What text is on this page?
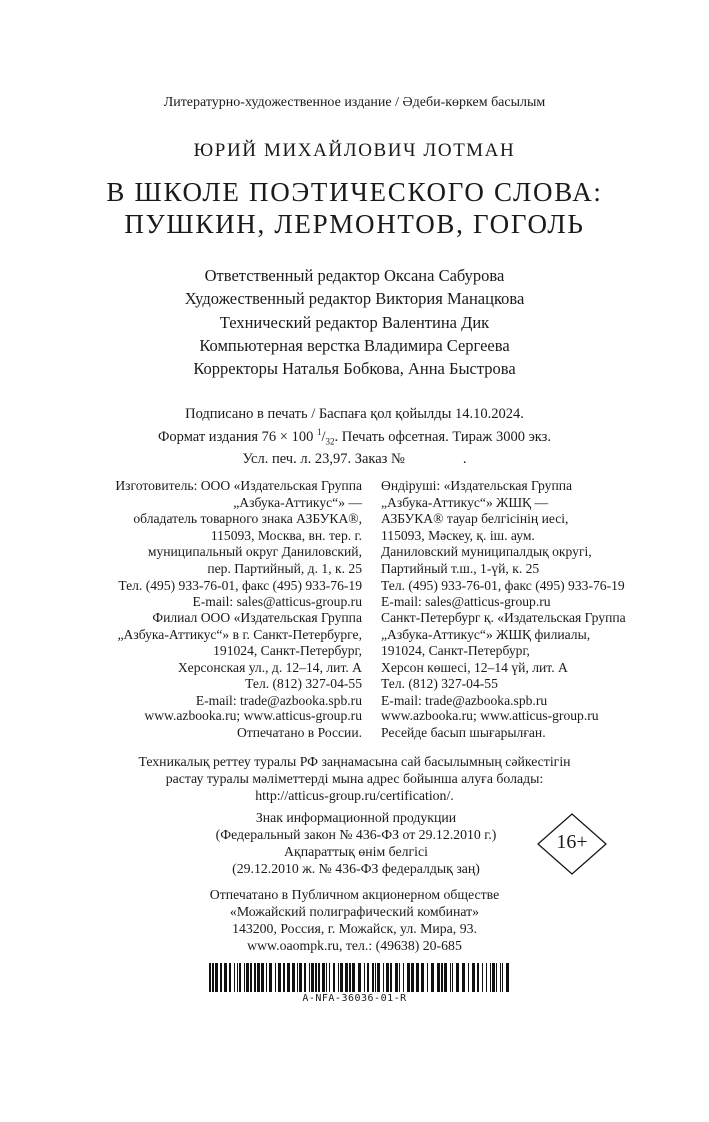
Литературно-художественное издание / Әдеби-көркем басылым
ЮРИЙ МИХАЙЛОВИЧ ЛОТМАН
В ШКОЛЕ ПОЭТИЧЕСКОГО СЛОВА:
ПУШКИН, ЛЕРМОНТОВ, ГОГОЛЬ
Ответственный редактор Оксана Сабурова
Художественный редактор Виктория Манацкова
Технический редактор Валентина Дик
Компьютерная верстка Владимира Сергеева
Корректоры Наталья Бобкова, Анна Быстрова
Подписано в печать / Баспаға қол қойылды 14.10.2024.
Формат издания 76 × 100 $^1/_{32}$. Печать офсетная. Тираж 3000 экз.
Усл. печ. л. 23,97. Заказ №	.
Изготовитель: ООО «Издательская Группа
„Азбука-Аттикус“» —
обладатель товарного знака АЗБУКА®,
115093, Москва, вн. тер. г.
муниципальный округ Даниловский,
пер. Партийный, д. 1, к. 25
Тел. (495) 933-76-01, факс (495) 933-76-19
E-mail: sales@atticus-group.ru
Өндіруші: «Издательская Группа
„Азбука-Аттикус“» ЖШҚ —
АЗБУКА® тауар белгісінің иесі,
115093, Мәскеу, қ. іш. аум.
Даниловский муниципалдық округі,
Партийный т.ш., 1-үй, к. 25
Тел. (495) 933-76-01, факс (495) 933-76-19
E-mail: sales@atticus-group.ru
Филиал ООО «Издательская Группа
„Азбука-Аттикус“» в г. Санкт-Петербурге,
191024, Санкт-Петербург,
Херсонская ул., д. 12–14, лит. А
Тел. (812) 327-04-55
E-mail: trade@azbooka.spb.ru
Санкт-Петербург қ. «Издательская Группа
„Азбука-Аттикус“» ЖШҚ филиалы,
191024, Санкт-Петербург,
Херсон көшесі, 12–14 үй, лит. А
Тел. (812) 327-04-55
E-mail: trade@azbooka.spb.ru
www.azbooka.ru; www.atticus-group.ru
Отпечатано в России.
www.azbooka.ru; www.atticus-group.ru
Ресейде басып шығарылған.
Техникалық реттеу туралы РФ заңнамасына сай басылымның сәйкестігін
растау туралы мәліметтерді мына адрес бойынша алуға болады:
http://atticus-group.ru/certification/.
Знак информационной продукции
(Федеральный закон № 436-ФЗ от 29.12.2010 г.)
Ақпараттық өнім белгісі
(29.12.2010 ж. № 436-ФЗ федералдық заң)
16+
Отпечатано в Публичном акционерном обществе
«Можайский полиграфический комбинат»
143200, Россия, г. Можайск, ул. Мира, 93.
www.oaompk.ru, тел.: (49638) 20-685
A-NFA-36036-01-R
